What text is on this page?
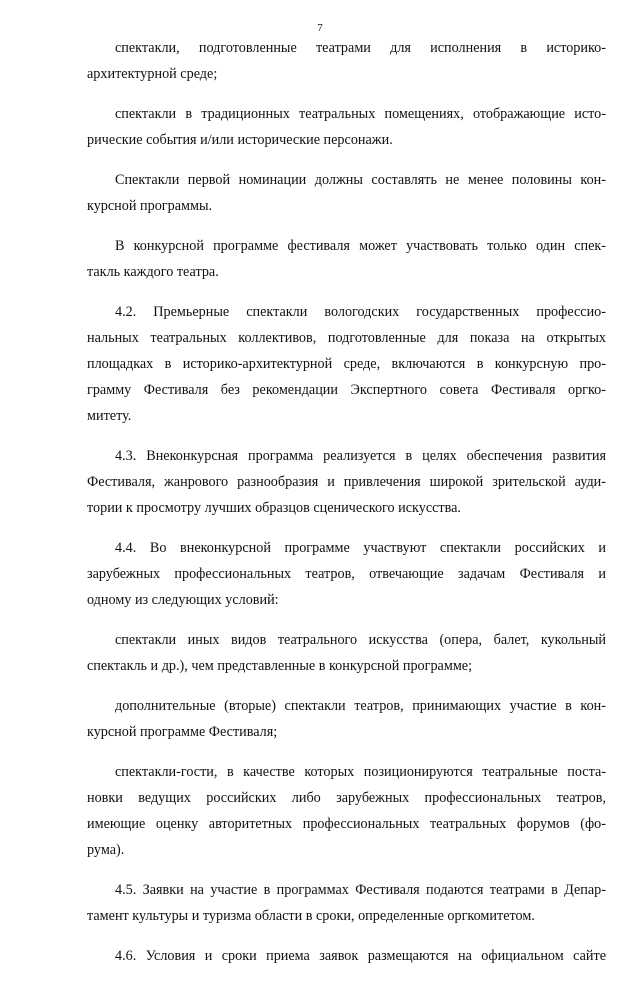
7
спектакли, подготовленные театрами для исполнения в историко-
архитектурной среде;
спектакли в традиционных театральных помещениях, отображающие исто-
рические события и/или исторические персонажи.
Спектакли первой номинации должны составлять не менее половины кон-
курсной программы.
В конкурсной программе фестиваля может участвовать только один спек-
такль каждого театра.
4.2. Премьерные спектакли вологодских государственных профессио-
нальных театральных коллективов, подготовленные для показа на открытых
площадках в историко-архитектурной среде, включаются в конкурсную про-
грамму Фестиваля без рекомендации Экспертного совета Фестиваля оргко-
митету.
4.3. Внеконкурсная программа реализуется в целях обеспечения развития
Фестиваля, жанрового разнообразия и привлечения широкой зрительской ауди-
тории к просмотру лучших образцов сценического искусства.
4.4. Во внеконкурсной программе участвуют спектакли российских и
зарубежных профессиональных театров, отвечающие задачам Фестиваля и
одному из следующих условий:
спектакли иных видов театрального искусства (опера, балет, кукольный
спектакль и др.), чем представленные в конкурсной программе;
дополнительные (вторые) спектакли театров, принимающих участие в кон-
курсной программе Фестиваля;
спектакли-гости, в качестве которых позиционируются театральные поста-
новки ведущих российских либо зарубежных профессиональных театров,
имеющие оценку авторитетных профессиональных театральных форумов (фо-
рума).
4.5. Заявки на участие в программах Фестиваля подаются театрами в Депар-
тамент культуры и туризма области в сроки, определенные оргкомитетом.
4.6. Условия и сроки приема заявок размещаются на официальном сайте
